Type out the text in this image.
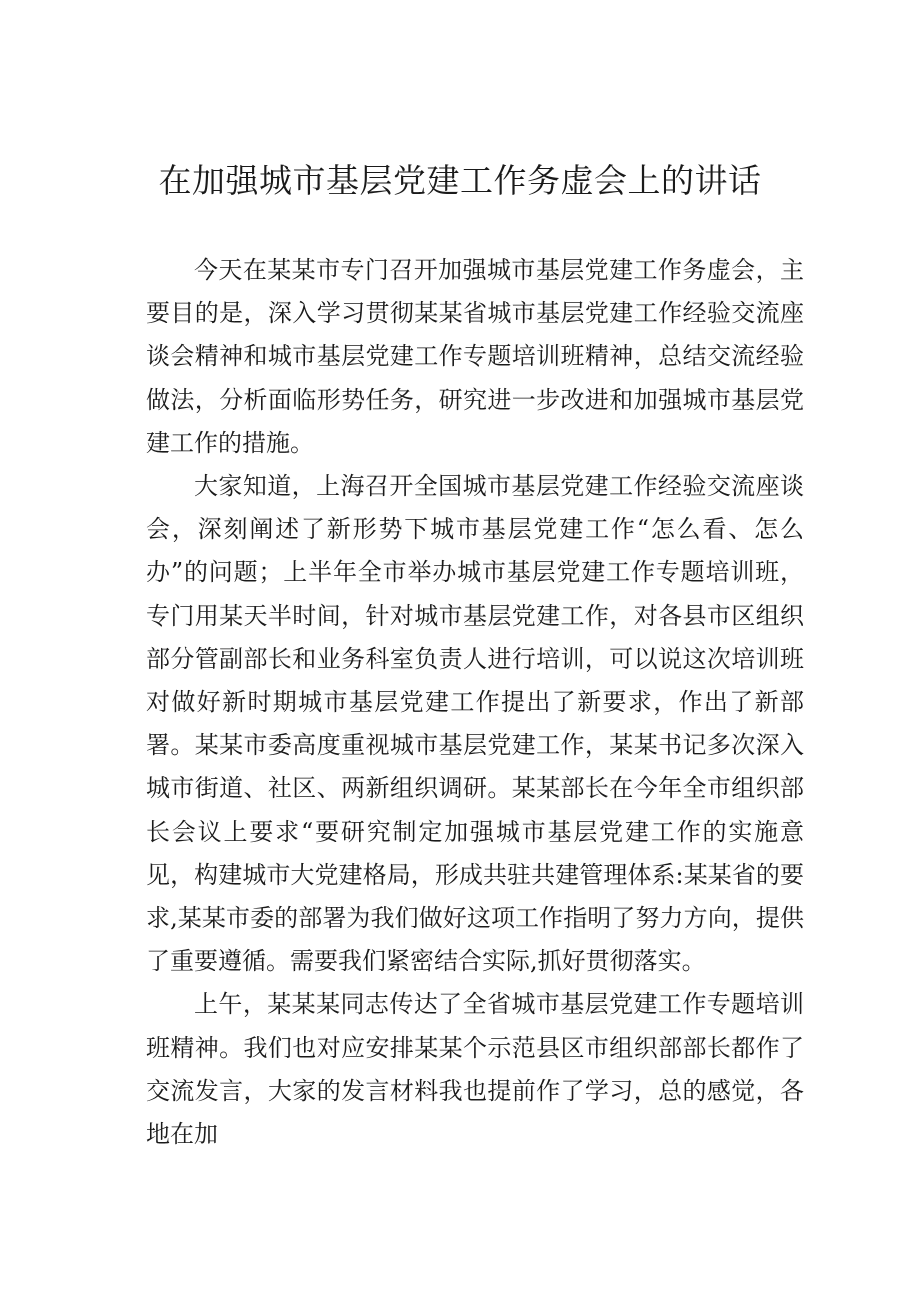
在加强城市基层党建工作务虚会上的讲话

今天在某某市专门召开加强城市基层党建工作务虚会，主要目的是，深入学习贯彻某某省城市基层党建工作经验交流座谈会精神和城市基层党建工作专题培训班精神，总结交流经验做法，分析面临形势任务，研究进一步改进和加强城市基层党建工作的措施。

大家知道，上海召开全国城市基层党建工作经验交流座谈会，深刻阐述了新形势下城市基层党建工作“怎么看、怎么办”的问题；上半年全市举办城市基层党建工作专题培训班，专门用某天半时间，针对城市基层党建工作，对各县市区组织部分管副部长和业务科室负责人进行培训，可以说这次培训班对做好新时期城市基层党建工作提出了新要求，作出了新部署。某某市委高度重视城市基层党建工作，某某书记多次深入城市街道、社区、两新组织调研。某某部长在今年全市组织部长会议上要求“要研究制定加强城市基层党建工作的实施意见，构建城市大党建格局，形成共驻共建管理体系:某某省的要求,某某市委的部署为我们做好这项工作指明了努力方向，提供了重要遵循。需要我们紧密结合实际,抓好贯彻落实。

上午，某某某同志传达了全省城市基层党建工作专题培训班精神。我们也对应安排某某个示范县区市组织部部长都作了交流发言，大家的发言材料我也提前作了学习，总的感觉，各地在加
